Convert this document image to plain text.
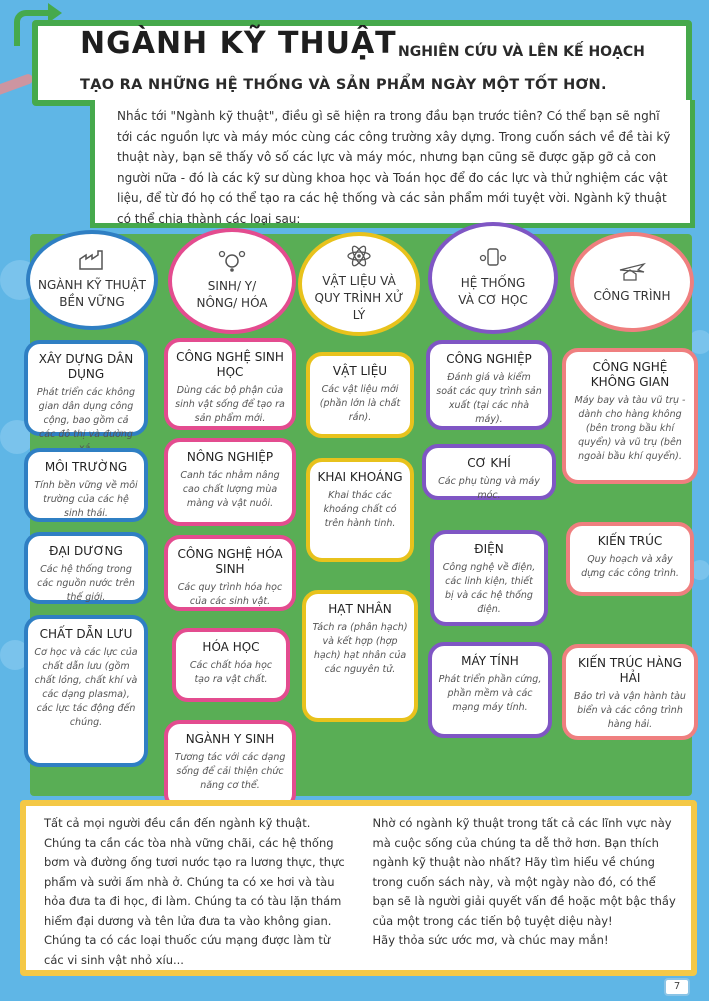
NGÀNH KỸ THUẬT NGHIÊN CỨU VÀ LÊN KẾ HOẠCH
TẠO RA NHỮNG HỆ THỐNG VÀ SẢN PHẨM NGÀY MỘT TỐT HƠN.

Nhắc tới "Ngành kỹ thuật", điều gì sẽ hiện ra trong đầu bạn trước tiên? Có thể bạn sẽ nghĩ tới các nguồn lực và máy móc cùng các công trường xây dựng. Trong cuốn sách về đề tài kỹ thuật này, bạn sẽ thấy vô số các lực và máy móc, nhưng bạn cũng sẽ được gặp gỡ cả con người nữa - đó là các kỹ sư dùng khoa học và Toán học để đo các lực và thử nghiệm các vật liệu, để từ đó họ có thể tạo ra các hệ thống và các sản phẩm mới tuyệt vời. Ngành kỹ thuật có thể chia thành các loại sau:

NGÀNH KỸ THUẬT BỀN VỮNG
XÂY DỰNG DÂN DỤNG
Phát triển các không gian dân dụng công cộng, bao gồm cả các đô thị và đường
MÔI TRƯỜNG
Tính bền vững về môi trường của các hệ sinh thái.
ĐẠI DƯƠNG
Các hệ thống trong các nguồn nước trên thế giới.
CHẤT DẪN LƯU
Cơ học và các lực của chất dẫn lưu (gồm chất lỏng, chất khí và các dạng plasma), các lực tác động đến chúng.
SINH/ Y/ NÔNG/ HÓA
CÔNG NGHỆ SINH HỌC
Dùng các bộ phận của sinh vật sống để tạo ra sản phẩm mới.
NÔNG NGHIỆP
Canh tác nhằm nâng cao chất lượng mùa màng và vật nuôi.
CÔNG NGHỆ HÓA SINH
Các quy trình hóa học của các sinh vật.
HÓA HỌC
Các chất hóa học tạo ra vật chất.
NGÀNH Y SINH
Tương tác với các dạng sống để cải thiện chức năng cơ thể.
VẬT LIỆU VÀ QUY TRÌNH XỬ LÝ
VẬT LIỆU
Các vật liệu mới (phần lớn là chất rắn).
KHAI KHOÁNG
Khai thác các khoáng chất có trên hành tinh.
HẠT NHÂN
Tách ra (phân hạch) và kết hợp (hợp hạch) hạt nhân của các nguyên tử.
HỆ THỐNG VÀ CƠ HỌC
CÔNG NGHIỆP
Đánh giá và kiểm soát các quy trình sản xuất (tại các nhà máy).
CƠ KHÍ
Các phụ tùng và máy móc.
ĐIỆN
Công nghệ về điện, các linh kiện, thiết bị và các hệ thống điện.
MÁY TÍNH
Phát triển phần cứng, phần mềm và các mạng máy tính.
CÔNG TRÌNH
CÔNG NGHỆ KHÔNG GIAN
Máy bay và tàu vũ trụ - dành cho hàng không (bên trong bầu khí quyển) và vũ trụ (bên ngoài bầu khí quyển).
KIẾN TRÚC
Quy hoạch và xây dựng các công trình.
KIẾN TRÚC HÀNG HẢI
Bảo trì và vận hành tàu biển và các công trình hàng hải.

Tất cả mọi người đều cần đến ngành kỹ thuật. Chúng ta cần các tòa nhà vững chãi, các hệ thống bơm và đường ống tươi nước tạo ra lương thực, thực phẩm và sưởi ấm nhà ở. Chúng ta có xe hơi và tàu hỏa đưa ta đi học, đi làm. Chúng ta có tàu lặn thám hiểm đại dương và tên lửa đưa ta vào không gian. Chúng ta có các loại thuốc cứu mạng được làm từ các vi sinh vật nhỏ xíu...

Nhờ có ngành kỹ thuật trong tất cả các lĩnh vực này mà cuộc sống của chúng ta dễ thở hơn. Bạn thích ngành kỹ thuật nào nhất? Hãy tìm hiểu về chúng trong cuốn sách này, và một ngày nào đó, có thể bạn sẽ là người giải quyết vấn đề hoặc một bậc thầy của một trong các tiến bộ tuyệt diệu này!

Hãy thỏa sức ước mơ, và chúc may mắn!

7
